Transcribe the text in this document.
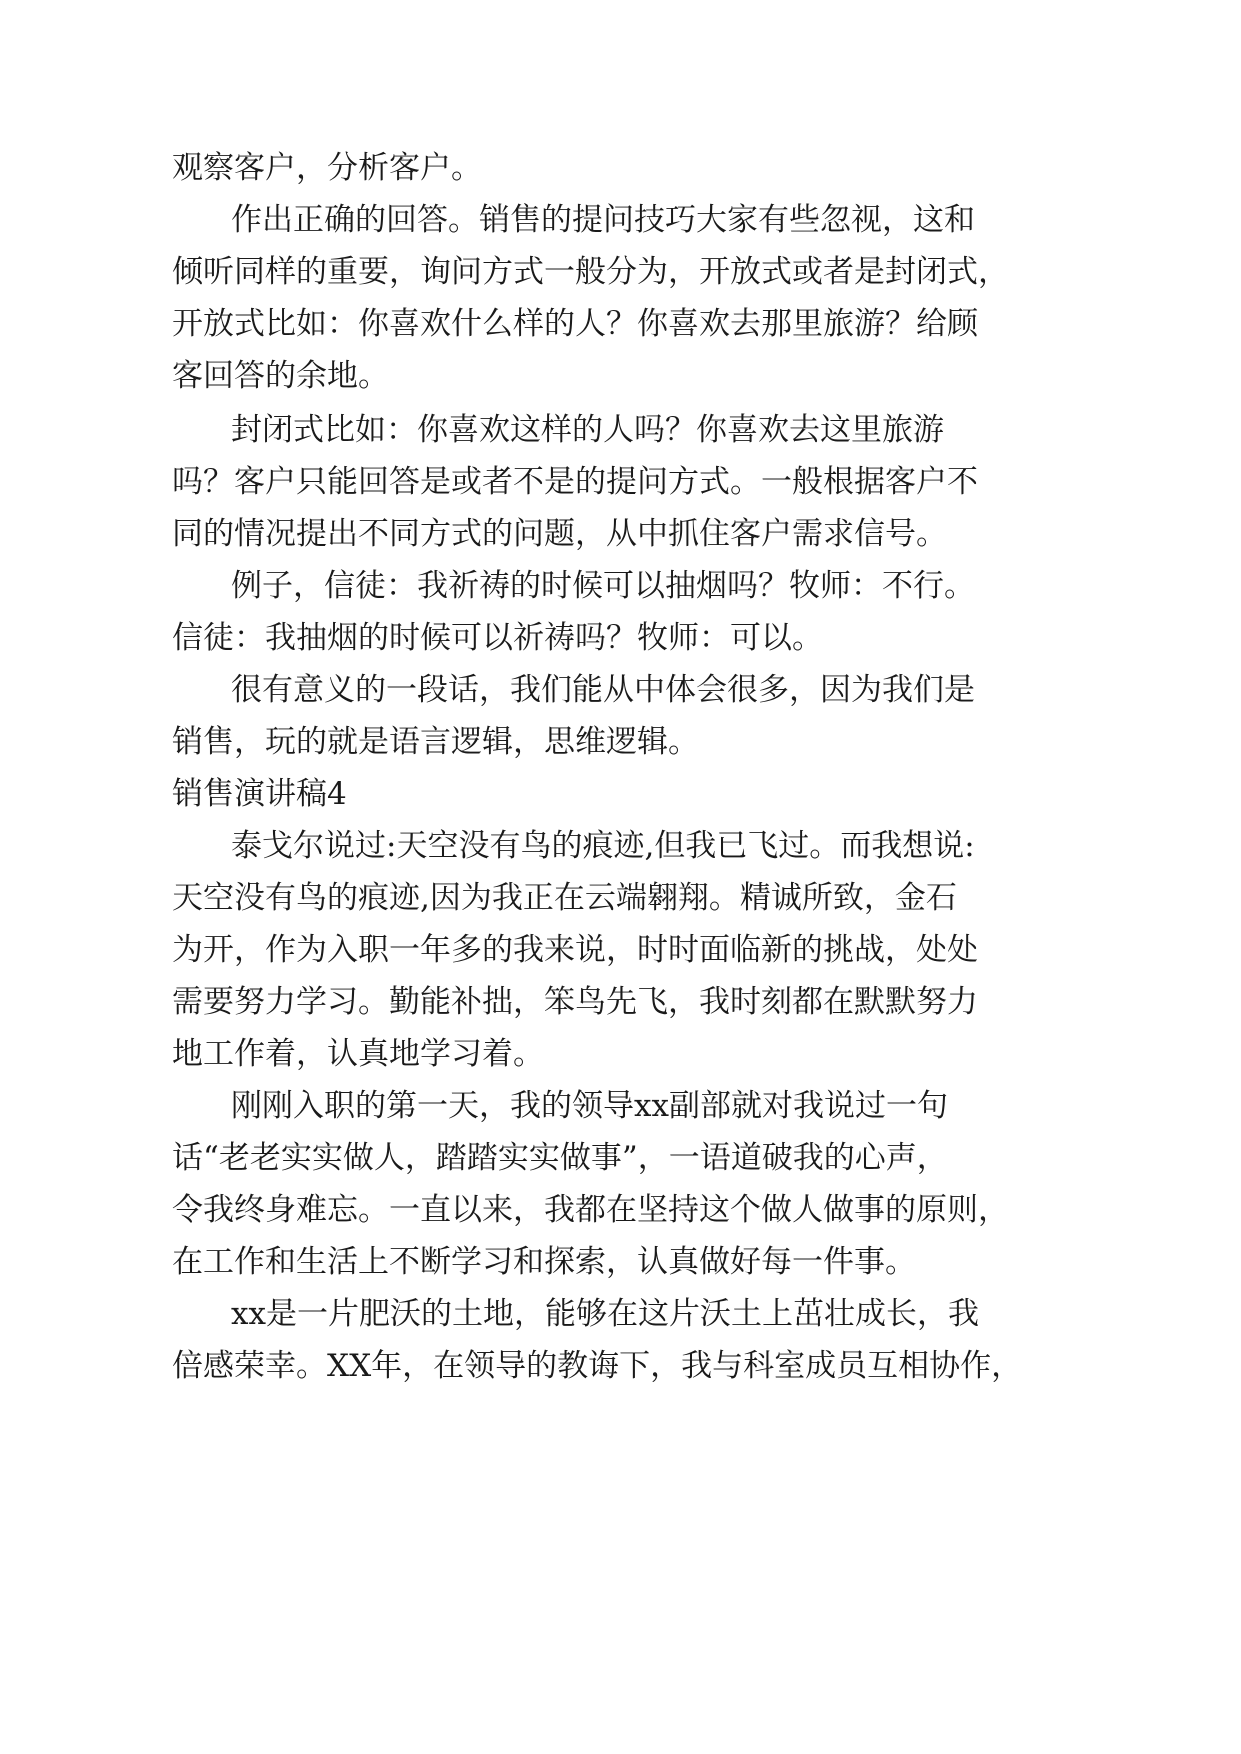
观察客户，分析客户。

作出正确的回答。销售的提问技巧大家有些忽视，这和

倾听同样的重要，询问方式一般分为，开放式或者是封闭式，

开放式比如：你喜欢什么样的人？你喜欢去那里旅游？给顾

客回答的余地。

封闭式比如：你喜欢这样的人吗？你喜欢去这里旅游

吗？客户只能回答是或者不是的提问方式。一般根据客户不

同的情况提出不同方式的问题，从中抓住客户需求信号。

例子，信徒：我祈祷的时候可以抽烟吗？牧师：不行。

信徒：我抽烟的时候可以祈祷吗？牧师：可以。

很有意义的一段话，我们能从中体会很多，因为我们是

销售，玩的就是语言逻辑，思维逻辑。

销售演讲稿4

泰戈尔说过:天空没有鸟的痕迹,但我已飞过。而我想说:

天空没有鸟的痕迹,因为我正在云端翱翔。精诚所致，金石

为开，作为入职一年多的我来说，时时面临新的挑战，处处

需要努力学习。勤能补拙，笨鸟先飞，我时刻都在默默努力

地工作着，认真地学习着。

刚刚入职的第一天，我的领导xx副部就对我说过一句

话“老老实实做人，踏踏实实做事”，一语道破我的心声，

令我终身难忘。一直以来，我都在坚持这个做人做事的原则，

在工作和生活上不断学习和探索，认真做好每一件事。

xx是一片肥沃的土地，能够在这片沃土上茁壮成长，我

倍感荣幸。XX年，在领导的教诲下，我与科室成员互相协作，
